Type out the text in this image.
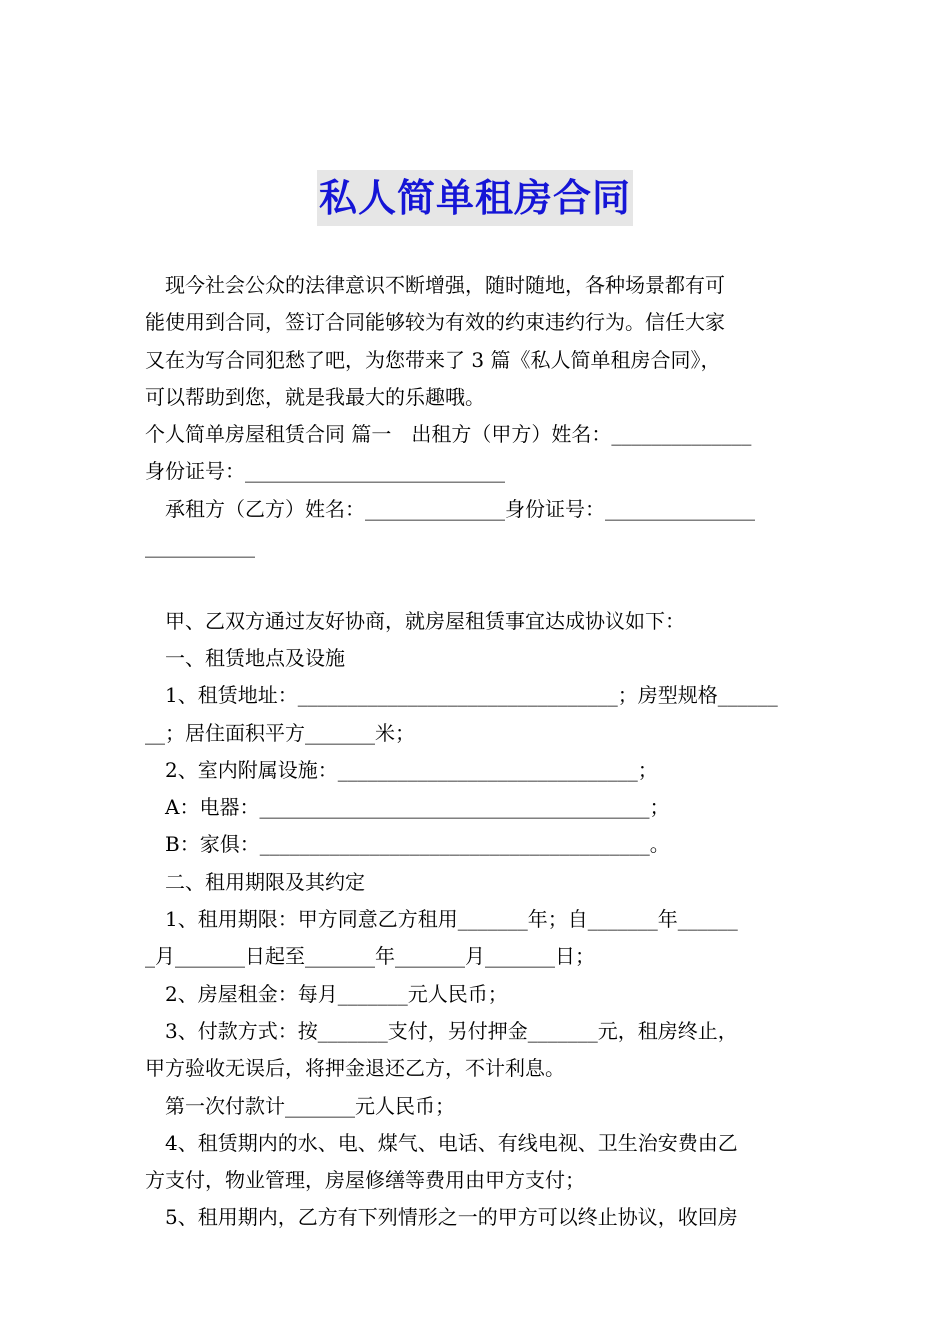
私人简单租房合同
　现今社会公众的法律意识不断增强，随时随地，各种场景都有可
能使用到合同，签订合同能够较为有效的约束违约行为。信任大家
又在为写合同犯愁了吧，为您带来了 3 篇《私人简单租房合同》，
可以帮助到您，就是我最大的乐趣哦。
个人简单房屋租赁合同 篇一　出租方（甲方）姓名：______________
身份证号：__________________________
　承租方（乙方）姓名：______________身份证号：_______________
___________
　甲、乙双方通过友好协商，就房屋租赁事宜达成协议如下：
　一、租赁地点及设施
　1、租赁地址：________________________________；房型规格______
__；居住面积平方_______米；
　2、室内附属设施：______________________________；
　A：电器：_______________________________________；
　B：家俱：_______________________________________。
　二、租用期限及其约定
　1、租用期限：甲方同意乙方租用_______年；自_______年______
_月_______日起至_______年_______月_______日；
　2、房屋租金：每月_______元人民币；
　3、付款方式：按_______支付，另付押金_______元，租房终止，
甲方验收无误后，将押金退还乙方，不计利息。
　第一次付款计_______元人民币；
　4、租赁期内的水、电、煤气、电话、有线电视、卫生治安费由乙
方支付，物业管理，房屋修缮等费用由甲方支付；
　5、租用期内，乙方有下列情形之一的甲方可以终止协议，收回房
